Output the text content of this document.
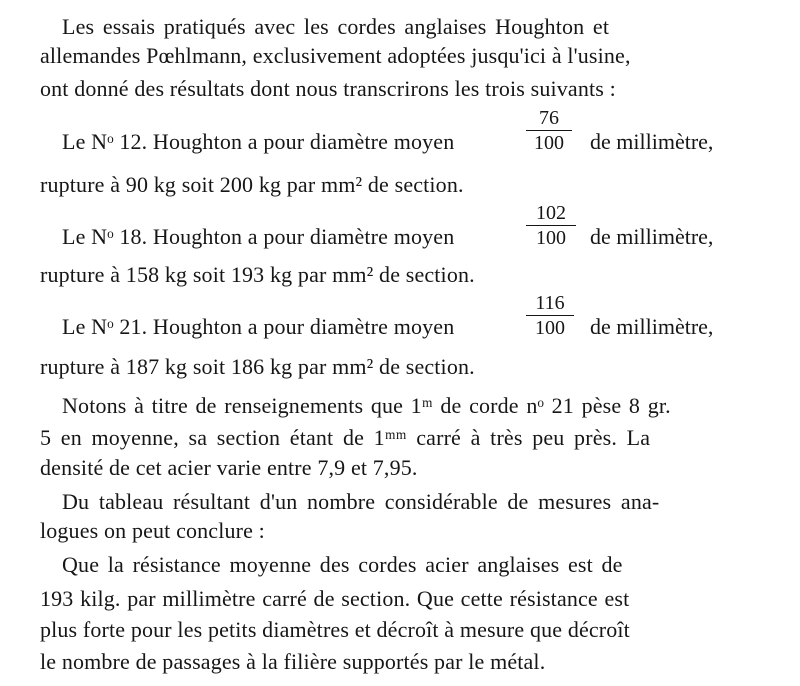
Les essais pratiqués avec les cordes anglaises Houghton et
allemandes Pœhlmann, exclusivement adoptées jusqu'ici à l'usine,
ont donné des résultats dont nous transcrirons les trois suivants :
Le Nᵒ 12. Houghton a pour diamètre moyen
76
100	de millimètre,
rupture à 90 kg soit 200 kg par mm² de section.
Le Nᵒ 18. Houghton a pour diamètre moyen
102
100	de millimètre,
rupture à 158 kg soit 193 kg par mm² de section.
Le Nᵒ 21. Houghton a pour diamètre moyen
116
100	de millimètre,
rupture à 187 kg soit 186 kg par mm² de section.
Notons à titre de renseignements que 1ᵐ de corde nᵒ 21 pèse 8 gr.
5 en moyenne, sa section étant de 1ᵐᵐ carré à très peu près. La
densité de cet acier varie entre 7,9 et 7,95.
Du tableau résultant d'un nombre considérable de mesures ana-
logues on peut conclure :
Que la résistance moyenne des cordes acier anglaises est de
193 kilg. par millimètre carré de section. Que cette résistance est
plus forte pour les petits diamètres et décroît à mesure que décroît
le nombre de passages à la filière supportés par le métal.
